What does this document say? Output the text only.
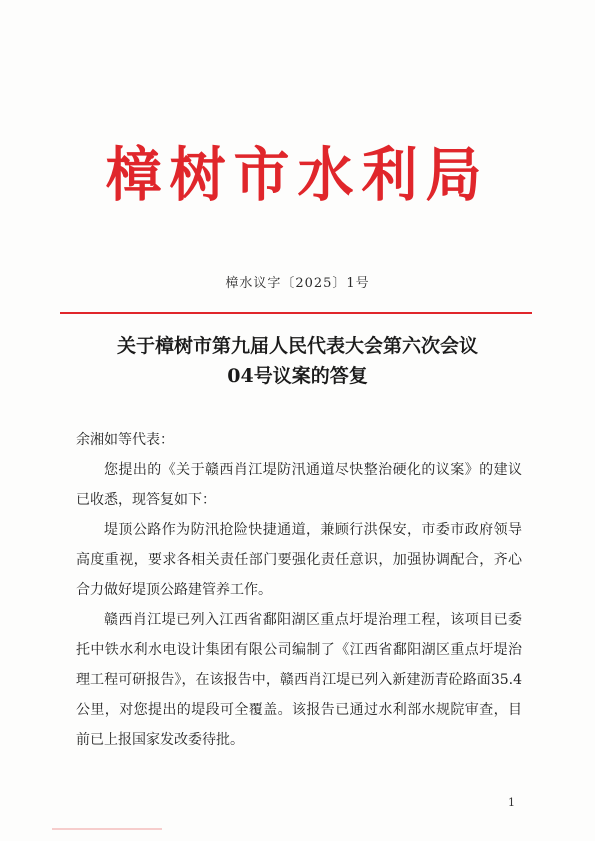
樟树市水利局
樟水议字〔2025〕1号
关于樟树市第九届人民代表大会第六次会议
04号议案的答复

余湘如等代表：

您提出的《关于赣西肖江堤防汛通道尽快整治硬化的议案》的建议已收悉，现答复如下：

堤顶公路作为防汛抢险快捷通道，兼顾行洪保安，市委市政府领导高度重视，要求各相关责任部门要强化责任意识，加强协调配合，齐心合力做好堤顶公路建管养工作。

赣西肖江堤已列入江西省鄱阳湖区重点圩堤治理工程，该项目已委托中铁水利水电设计集团有限公司编制了《江西省鄱阳湖区重点圩堤治理工程可研报告》，在该报告中，赣西肖江堤已列入新建沥青砼路面35.4公里，对您提出的堤段可全覆盖。该报告已通过水利部水规院审查，目前已上报国家发改委待批。

1
